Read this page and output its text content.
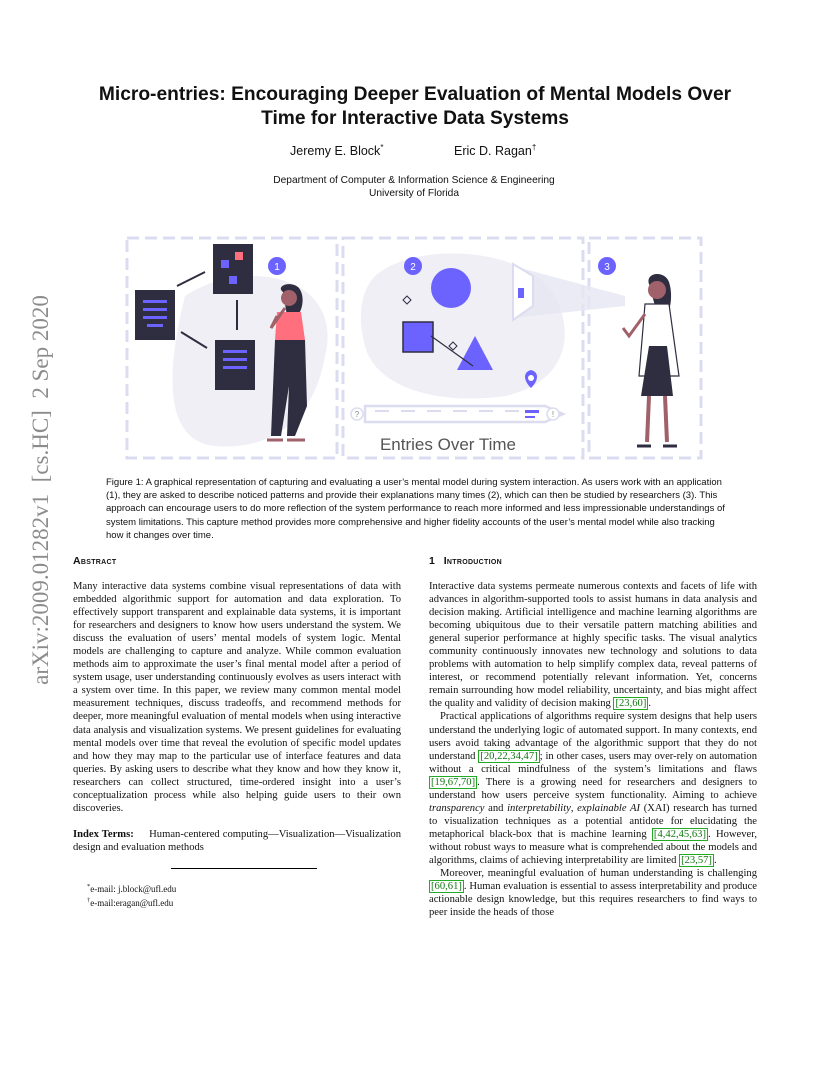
arXiv:2009.01282v1  [cs.HC]  2 Sep 2020
Micro-entries: Encouraging Deeper Evaluation of Mental Models Over Time for Interactive Data Systems
Jeremy E. Block*	Eric D. Ragan†
Department of Computer & Information Science & Engineering
University of Florida
1	2
?	!
Entries Over Time
3

Figure 1: A graphical representation of capturing and evaluating a user’s mental model during system interaction. As users work with an application (1), they are asked to describe noticed patterns and provide their explanations many times (2), which can then be studied by researchers (3). This approach can encourage users to do more reflection of the system performance to reach more informed and less impressionable understandings of system limitations. This capture method provides more comprehensive and higher fidelity accounts of the user’s mental model while also tracking how it changes over time.

Abstract

Many interactive data systems combine visual representations of data with embedded algorithmic support for automation and data exploration. To effectively support transparent and explainable data systems, it is important for researchers and designers to know how users understand the system. We discuss the evaluation of users’ mental models of system logic. Mental models are challenging to capture and analyze. While common evaluation methods aim to approximate the user’s final mental model after a period of system usage, user understanding continuously evolves as users interact with a system over time. In this paper, we review many common mental model measurement techniques, discuss tradeoffs, and recommend methods for deeper, more meaningful evaluation of mental models when using interactive data analysis and visualization systems. We present guidelines for evaluating mental models over time that reveal the evolution of specific model updates and how they may map to the particular use of interface features and data queries. By asking users to describe what they know and how they know it, researchers can collect structured, time-ordered insight into a user’s conceptualization process while also helping guide users to their own discoveries.

Index Terms: Human-centered computing—Visualization—Visualization design and evaluation methods

*e-mail: j.block@ufl.edu
†e-mail:eragan@ufl.edu
1 Introduction

Interactive data systems permeate numerous contexts and facets of life with advances in algorithm-supported tools to assist humans in data analysis and decision making. Artificial intelligence and machine learning algorithms are becoming ubiquitous due to their versatile pattern matching abilities and general superior performance at highly specific tasks. The visual analytics community continuously innovates new technology and solutions to data problems with automation to help simplify complex data, reveal patterns of interest, or recommend potentially relevant information. Yet, concerns remain surrounding how model reliability, uncertainty, and bias might affect the quality and validity of decision making [23,60] .

Practical applications of algorithms require system designs that help users understand the underlying logic of automated support. In many contexts, end users avoid taking advantage of the algorithmic support that they do not understand [20,22,34,47] ; in other cases, users may over-rely on automation without a critical mindfulness of the system’s limitations and flaws [19,67,70] . There is a growing need for researchers and designers to understand how users perceive system functionality. Aiming to achieve transparency and interpretability, explainable AI (XAI) research has turned to visualization techniques as a potential antidote for elucidating the metaphorical black-box that is machine learning [4,42,45,63] . However, without robust ways to measure what is comprehended about the models and algorithms, claims of achieving interpretability are limited [23,57] .

Moreover, meaningful evaluation of human understanding is challenging [60,61] . Human evaluation is essential to assess interpretability and produce actionable design knowledge, but this requires researchers to find ways to peer inside the heads of those
